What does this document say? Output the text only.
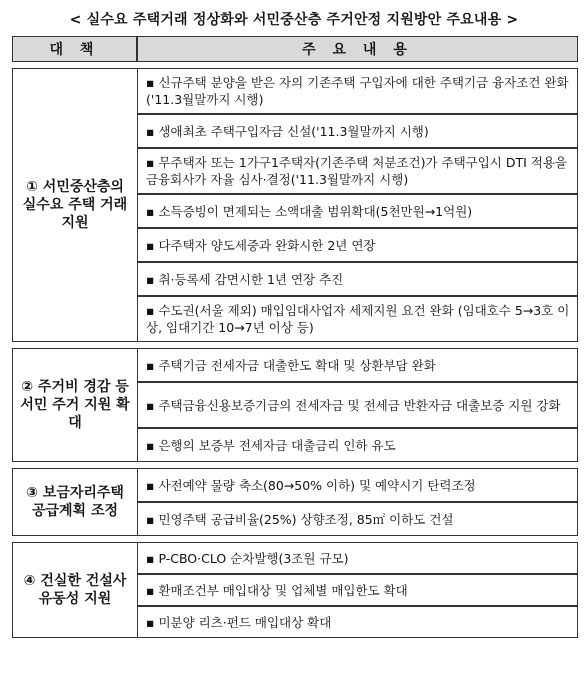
< 실수요 주택거래 정상화와 서민중산층 주거안정 지원방안 주요내용 >
대 책	주 요 내 용

① 서민중산층의 실수요 주택 거래 지원	▪ 신규주택 분양을 받은 자의 기존주택 구입자에 대한 주택기금 융자조건 완화('11.3월말까지 시행)
	▪ 생애최초 주택구입자금 신설('11.3월말까지 시행)
	▪ 무주택자 또는 1가구1주택자(기존주택 처분조건)가 주택구입시 DTI 적용을 금융회사가 자율 심사·결정('11.3월말까지 시행)
	▪ 소득증빙이 면제되는 소액대출 범위확대(5천만원→1억원)
	▪ 다주택자 양도세중과 완화시한 2년 연장
	▪ 취·등록세 감면시한 1년 연장 추진
	▪ 수도권(서울 제외) 매입임대사업자 세제지원 요건 완화 (임대호수 5→3호 이상, 임대기간 10→7년 이상 등)

② 주거비 경감 등 서민 주거 지원 확대	▪ 주택기금 전세자금 대출한도 확대 및 상환부담 완화
	▪ 주택금융신용보증기금의 전세자금 및 전세금 반환자금 대출보증 지원 강화
	▪ 은행의 보증부 전세자금 대출금리 인하 유도

③ 보금자리주택 공급계획 조정	▪ 사전예약 물량 축소(80→50% 이하) 및 예약시기 탄력조정
	▪ 민영주택 공급비율(25%) 상향조정, 85㎡ 이하도 건설

④ 건실한 건설사 유동성 지원	▪ P-CBO·CLO 순차발행(3조원 규모)
	▪ 환매조건부 매입대상 및 업체별 매입한도 확대
	▪ 미분양 리츠·펀드 매입대상 확대
